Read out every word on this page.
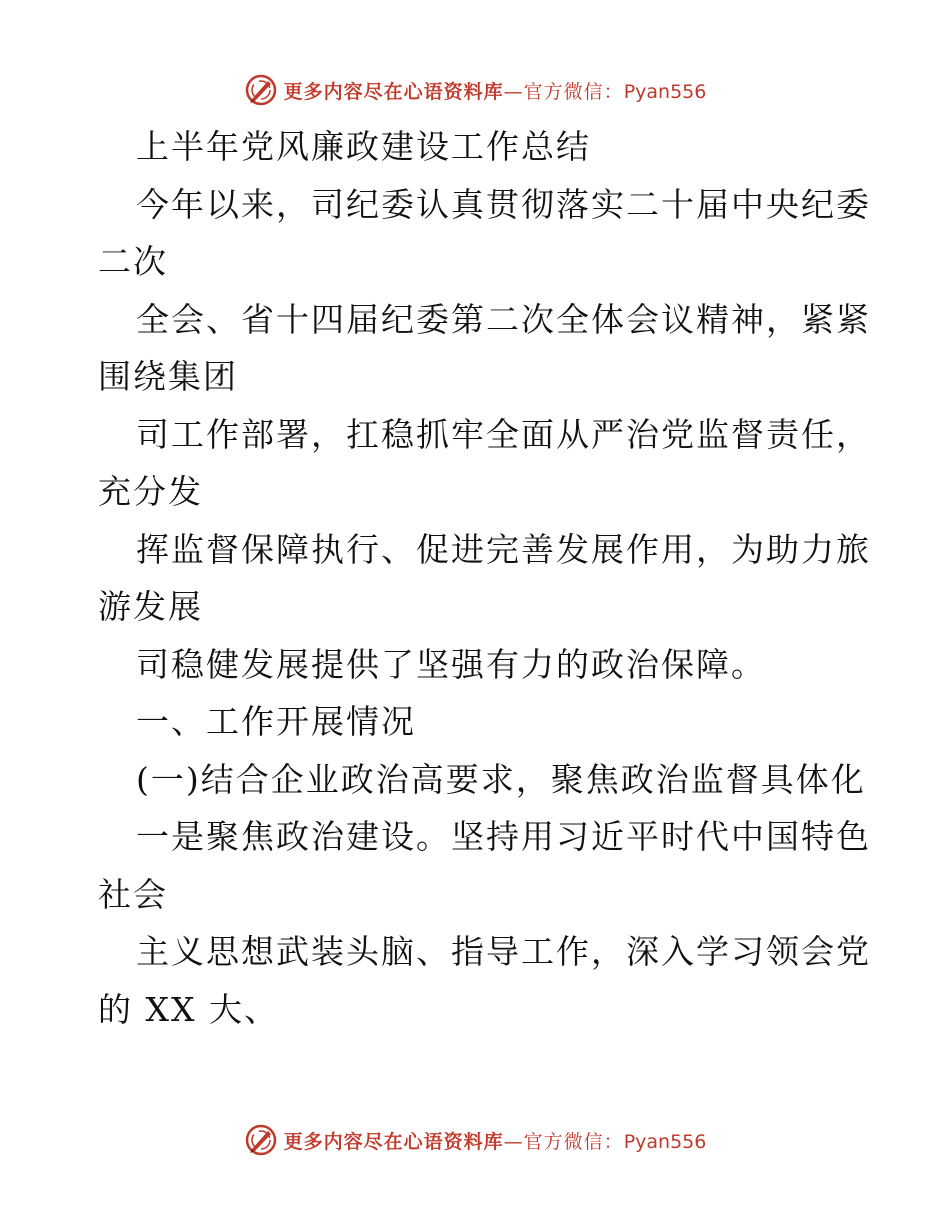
更多内容尽在心语资料库—官方微信：Pyan556
上半年党风廉政建设工作总结
今年以来，司纪委认真贯彻落实二十届中央纪委
二次
全会、省十四届纪委第二次全体会议精神，紧紧
围绕集团
司工作部署，扛稳抓牢全面从严治党监督责任，
充分发
挥监督保障执行、促进完善发展作用，为助力旅
游发展
司稳健发展提供了坚强有力的政治保障。
一、工作开展情况
(一)结合企业政治高要求，聚焦政治监督具体化
一是聚焦政治建设。坚持用习近平时代中国特色
社会
主义思想武装头脑、指导工作，深入学习领会党
的 XX 大、
更多内容尽在心语资料库—官方微信：Pyan556
